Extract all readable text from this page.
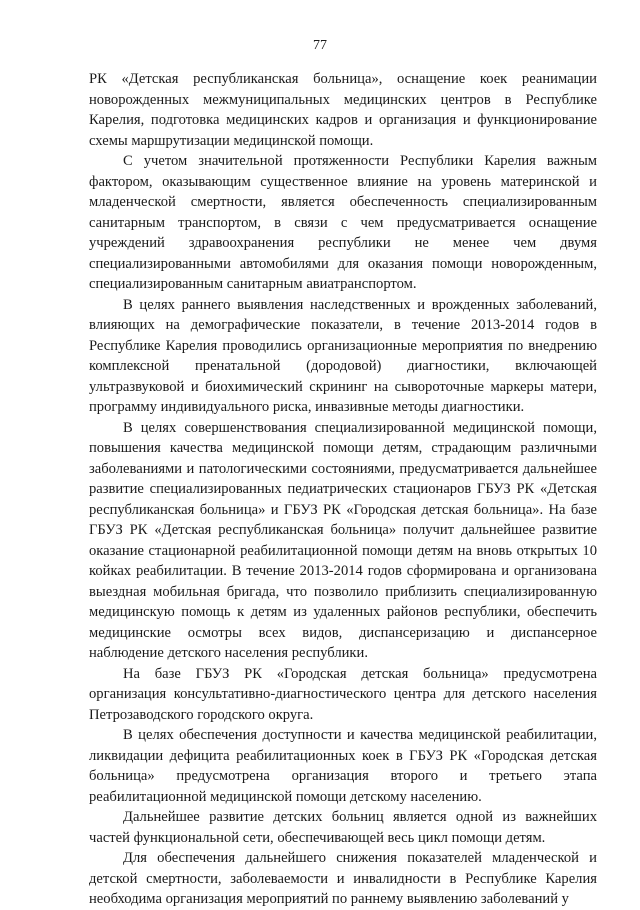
77

РК «Детская республиканская больница», оснащение коек реанимации новорожденных межмуниципальных медицинских центров в Республике Карелия, подготовка медицинских кадров и организация и функционирование схемы маршрутизации медицинской помощи.

С учетом значительной протяженности Республики Карелия важным фактором, оказывающим существенное влияние на уровень материнской и младенческой смертности, является обеспеченность специализированным санитарным транспортом, в связи с чем предусматривается оснащение учреждений здравоохранения республики не менее чем двумя специализированными автомобилями для оказания помощи новорожденным, специализированным санитарным авиатранспортом.

В целях раннего выявления наследственных и врожденных заболеваний, влияющих на демографические показатели, в течение 2013-2014 годов в Республике Карелия проводились организационные мероприятия по внедрению комплексной пренатальной (дородовой) диагностики, включающей ультразвуковой и биохимический скрининг на сывороточные маркеры матери, программу индивидуального риска, инвазивные методы диагностики.

В целях совершенствования специализированной медицинской помощи, повышения качества медицинской помощи детям, страдающим различными заболеваниями и патологическими состояниями, предусматривается дальнейшее развитие специализированных педиатрических стационаров ГБУЗ РК «Детская республиканская больница» и ГБУЗ РК «Городская детская больница». На базе ГБУЗ РК «Детская республиканская больница» получит дальнейшее развитие оказание стационарной реабилитационной помощи детям на вновь открытых 10 койках реабилитации. В течение 2013-2014 годов сформирована и организована выездная мобильная бригада, что позволило приблизить специализированную медицинскую помощь к детям из удаленных районов республики, обеспечить медицинские осмотры всех видов, диспансеризацию и диспансерное наблюдение детского населения республики.

На базе ГБУЗ РК «Городская детская больница» предусмотрена организация консультативно-диагностического центра для детского населения Петрозаводского городского округа.

В целях обеспечения доступности и качества медицинской реабилитации, ликвидации дефицита реабилитационных коек в ГБУЗ РК «Городская детская больница» предусмотрена организация второго и третьего этапа реабилитационной медицинской помощи детскому населению.

Дальнейшее развитие детских больниц является одной из важнейших частей функциональной сети, обеспечивающей весь цикл помощи детям.

Для обеспечения дальнейшего снижения показателей младенческой и детской смертности, заболеваемости и инвалидности в Республике Карелия необходима организация мероприятий по раннему выявлению заболеваний у
